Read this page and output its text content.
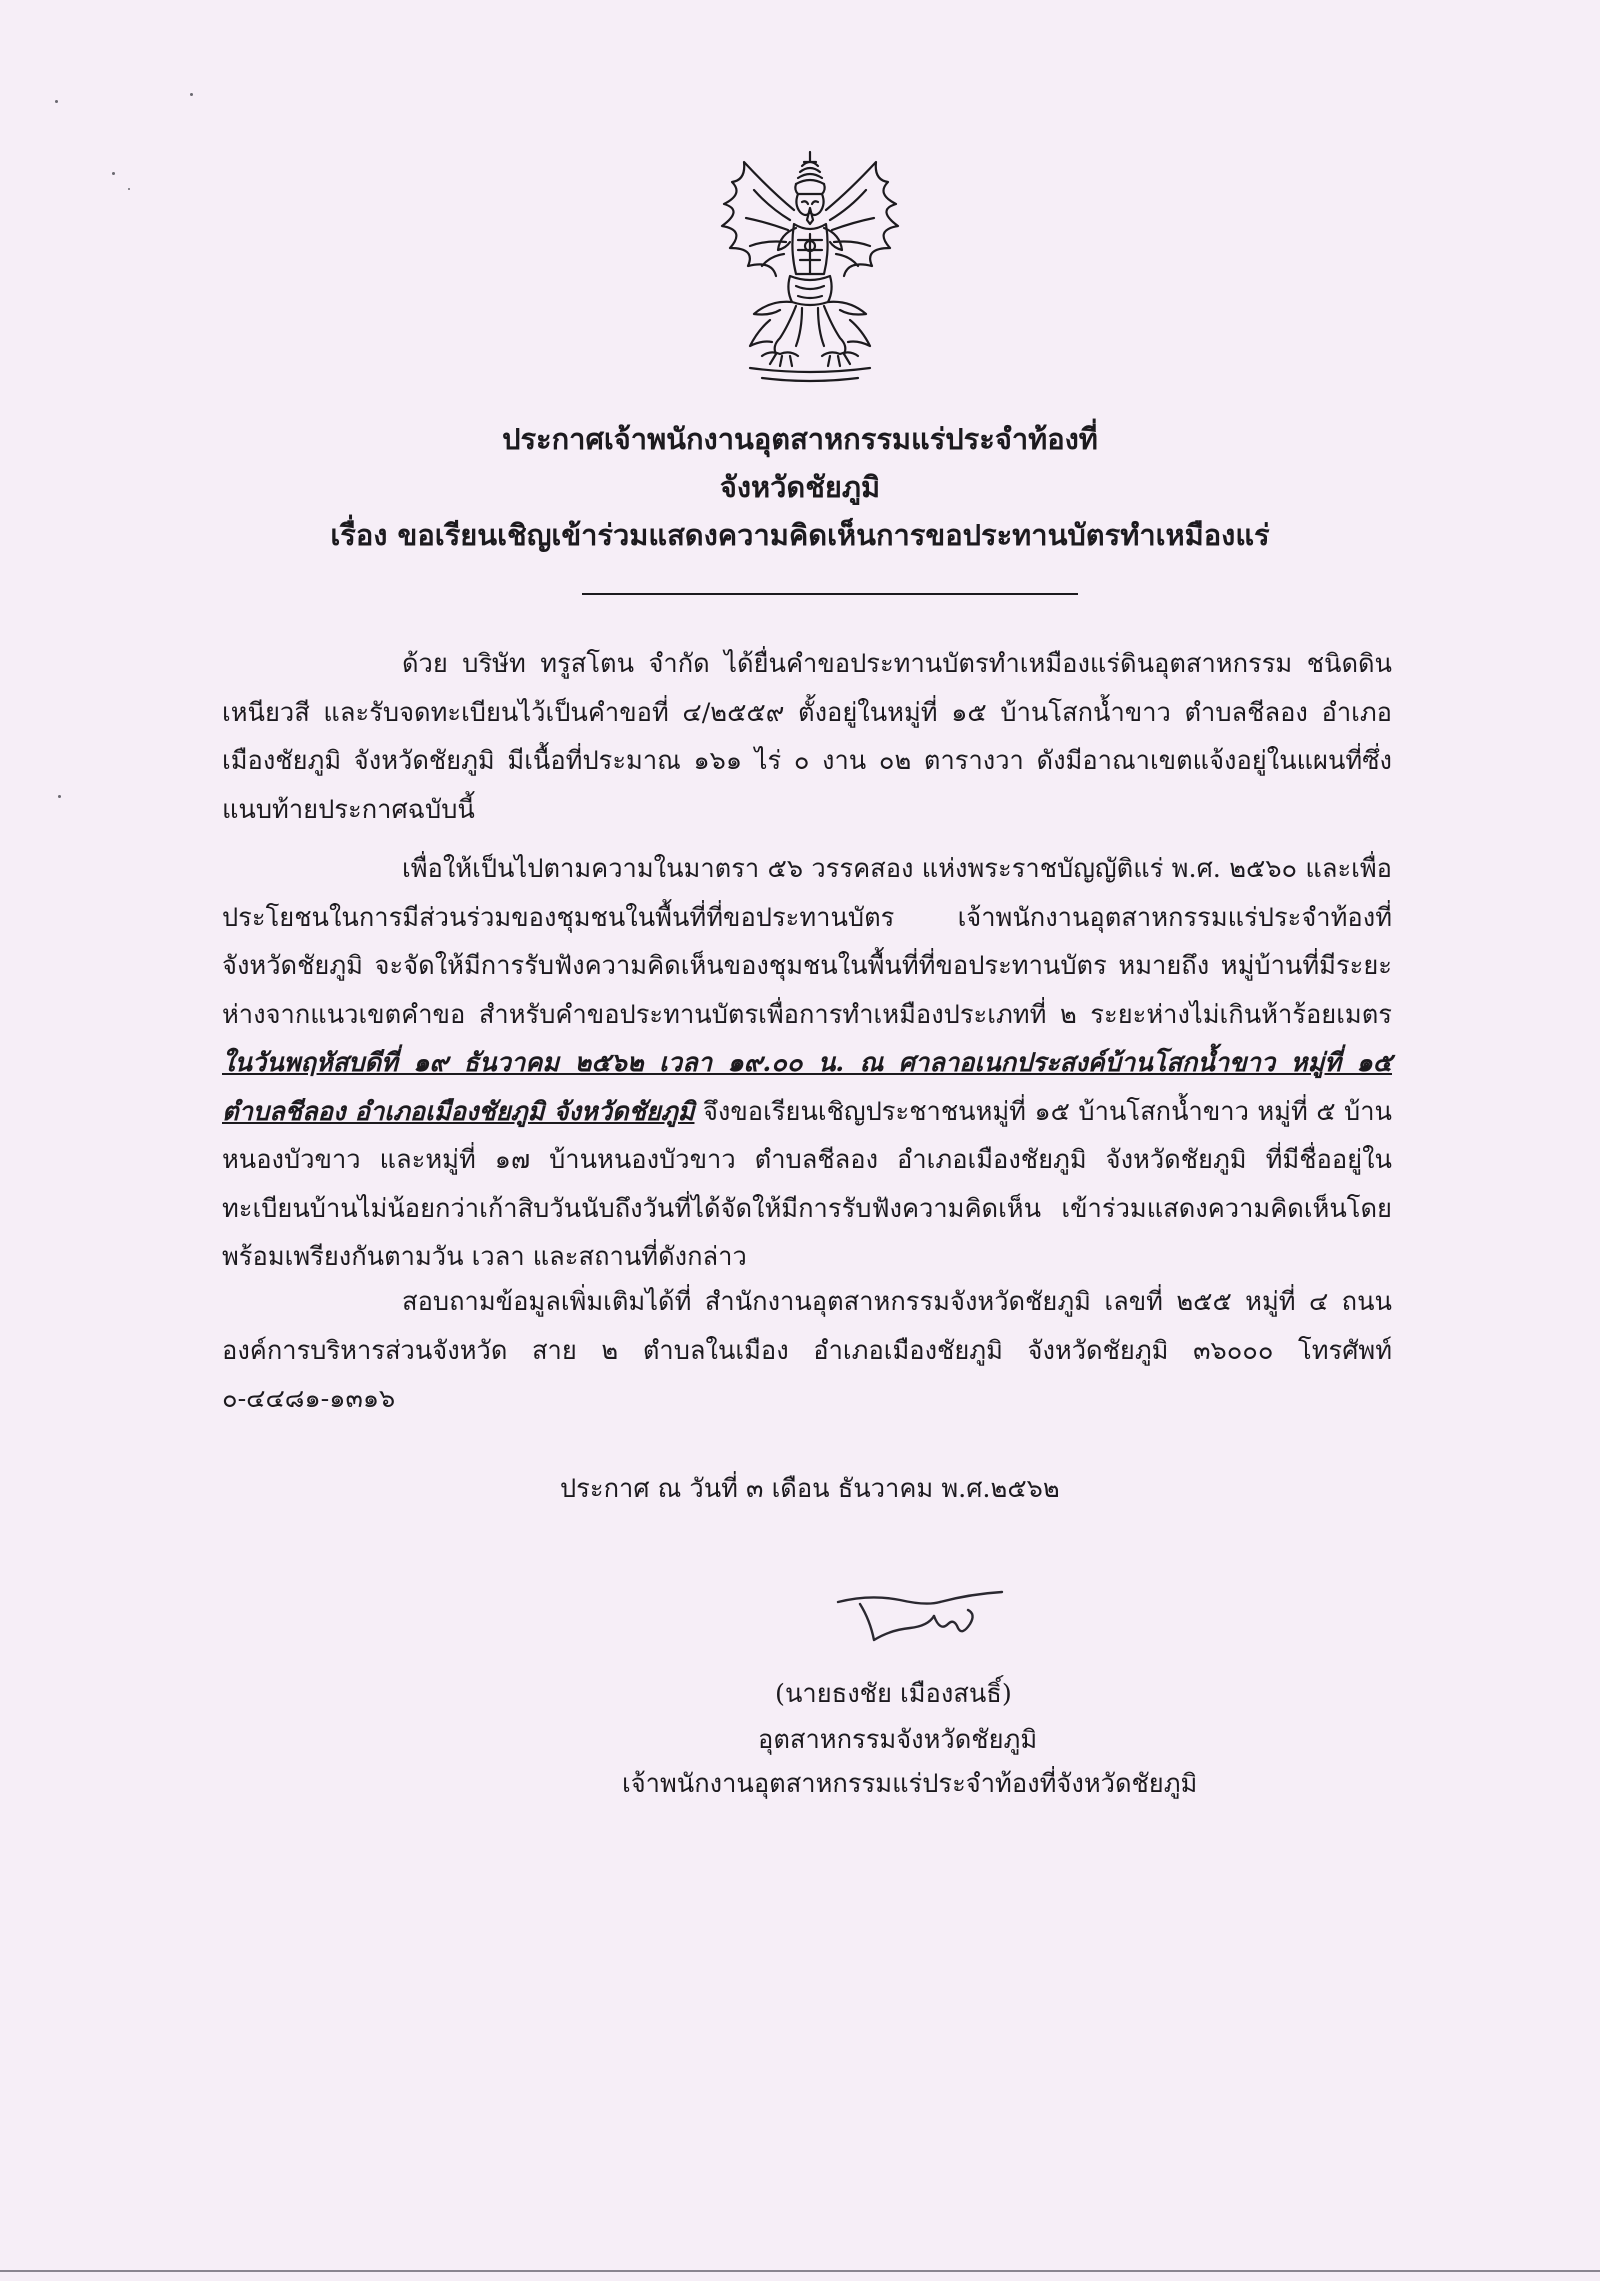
ประกาศเจ้าพนักงานอุตสาหกรรมแร่ประจำท้องที่
จังหวัดชัยภูมิ
เรื่อง ขอเรียนเชิญเข้าร่วมแสดงความคิดเห็นการขอประทานบัตรทำเหมืองแร่
ด้วย บริษัท ทรูสโตน จำกัด ได้ยื่นคำขอประทานบัตรทำเหมืองแร่ดินอุตสาหกรรม ชนิดดินเหนียวสี และรับจดทะเบียนไว้เป็นคำขอที่ ๔/๒๕๕๙ ตั้งอยู่ในหมู่ที่ ๑๕ บ้านโสกน้ำขาว ตำบลชีลอง อำเภอเมืองชัยภูมิ จังหวัดชัยภูมิ มีเนื้อที่ประมาณ ๑๖๑ ไร่ ๐ งาน ๐๒ ตารางวา ดังมีอาณาเขตแจ้งอยู่ในแผนที่ซึ่งแนบท้ายประกาศฉบับนี้
เพื่อให้เป็นไปตามความในมาตรา ๕๖ วรรคสอง แห่งพระราชบัญญัติแร่ พ.ศ. ๒๕๖๐ และเพื่อประโยชนในการมีส่วนร่วมของชุมชนในพื้นที่ที่ขอประทานบัตร เจ้าพนักงานอุตสาหกรรมแร่ประจำท้องที่จังหวัดชัยภูมิ จะจัดให้มีการรับฟังความคิดเห็นของชุมชนในพื้นที่ที่ขอประทานบัตร หมายถึง หมู่บ้านที่มีระยะห่างจากแนวเขตคำขอ สำหรับคำขอประทานบัตรเพื่อการทำเหมืองประเภทที่ ๒ ระยะห่างไม่เกินห้าร้อยเมตร ในวันพฤหัสบดีที่ ๑๙ ธันวาคม ๒๕๖๒ เวลา ๑๙.๐๐ น. ณ ศาลาอเนกประสงค์บ้านโสกน้ำขาว หมู่ที่ ๑๕ ตำบลชีลอง อำเภอเมืองชัยภูมิ จังหวัดชัยภูมิ จึงขอเรียนเชิญประชาชนหมู่ที่ ๑๕ บ้านโสกน้ำขาว หมู่ที่ ๕ บ้านหนองบัวขาว และหมู่ที่ ๑๗ บ้านหนองบัวขาว ตำบลชีลอง อำเภอเมืองชัยภูมิ จังหวัดชัยภูมิ ที่มีชื่ออยู่ในทะเบียนบ้านไม่น้อยกว่าเก้าสิบวันนับถึงวันที่ได้จัดให้มีการรับฟังความคิดเห็น เข้าร่วมแสดงความคิดเห็นโดยพร้อมเพรียงกันตามวัน เวลา และสถานที่ดังกล่าว
สอบถามข้อมูลเพิ่มเติมได้ที่ สำนักงานอุตสาหกรรมจังหวัดชัยภูมิ เลขที่ ๒๕๕ หมู่ที่ ๔ ถนนองค์การบริหารส่วนจังหวัด สาย ๒ ตำบลในเมือง อำเภอเมืองชัยภูมิ จังหวัดชัยภูมิ ๓๖๐๐๐ โทรศัพท์ ๐-๔๔๘๑-๑๓๑๖
ประกาศ ณ วันที่ ๓ เดือน ธันวาคม พ.ศ.๒๕๖๒
(นายธงชัย เมืองสนธิ์)
อุตสาหกรรมจังหวัดชัยภูมิ
เจ้าพนักงานอุตสาหกรรมแร่ประจำท้องที่จังหวัดชัยภูมิ
